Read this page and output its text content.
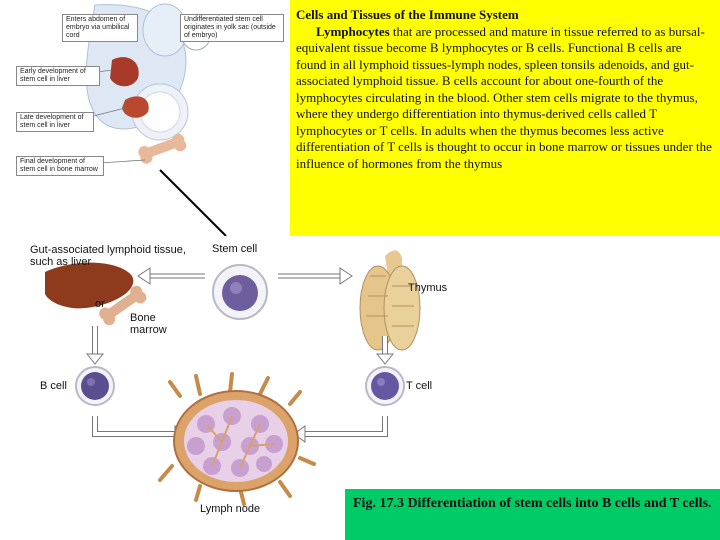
Enters abdomen of embryo via umbilical cord
Undifferentiated stem cell originates in yolk sac (outside of embryo)
Early development of stem cell in liver
Late development of stem cell in liver
Final development of stem cell in bone marrow
Cells and Tissues of the Immune System
Lymphocytes that are processed and mature in tissue referred to as bursal-equivalent tissue become B lymphocytes or B cells. Functional B cells are found in all lymphoid tissues-lymph nodes, spleen tonsils adenoids, and gut-associated lymphoid tissue. B cells account for about one-fourth of the lymphocytes circulating in the blood. Other stem cells migrate to the thymus, where they undergo differentiation into thymus-derived cells called T lymphocytes or T cells. In adults when the thymus becomes less active differentiation of T cells is thought to occur in bone marrow or tissues under the influence of hormones from the thymus
Gut-associated lymphoid tissue, such as liver
or
Bone marrow
Stem cell
Thymus
B cell	T cell
Lymph node	Fig. 17.3 Differentiation of stem cells into B cells and T cells.
